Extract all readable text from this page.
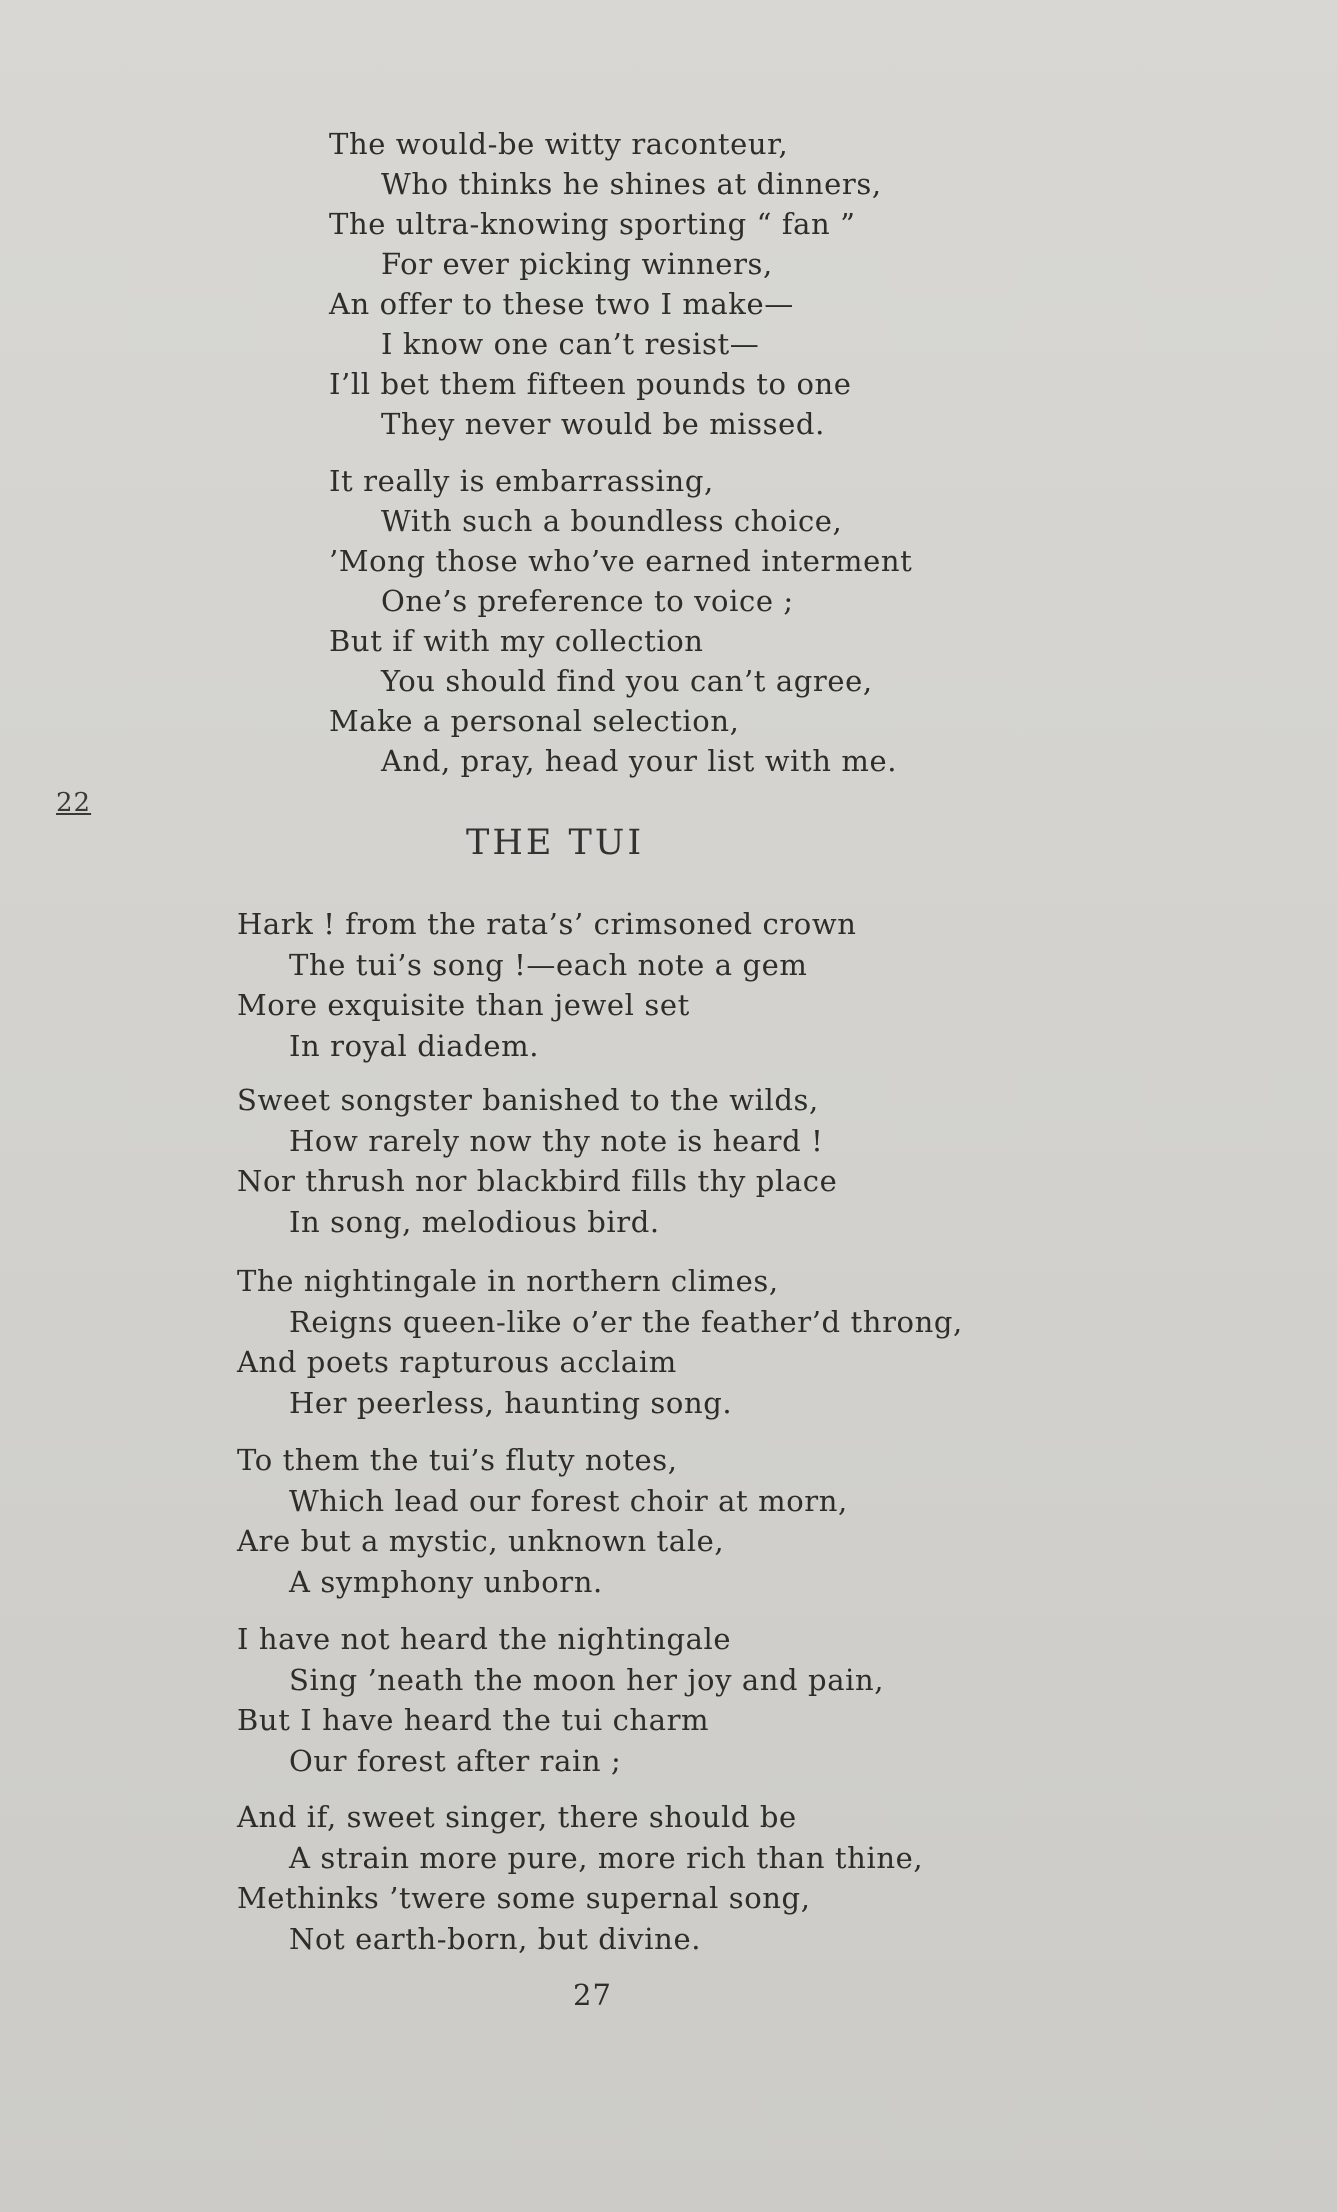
The would-be witty raconteur,
Who thinks he shines at dinners,
The ultra-knowing sporting “ fan ”
For ever picking winners,
An offer to these two I make—
I know one can’t resist—
I’ll bet them fifteen pounds to one
They never would be missed.
It really is embarrassing,
With such a boundless choice,
’Mong those who’ve earned interment
One’s preference to voice ;
But if with my collection
You should find you can’t agree,
Make a personal selection,
And, pray, head your list with me.
22
THE TUI
Hark ! from the rata’s’ crimsoned crown
The tui’s song !—each note a gem
More exquisite than jewel set
In royal diadem.
Sweet songster banished to the wilds,
How rarely now thy note is heard !
Nor thrush nor blackbird fills thy place
In song, melodious bird.
The nightingale in northern climes,
Reigns queen-like o’er the feather’d throng,
And poets rapturous acclaim
Her peerless, haunting song.
To them the tui’s fluty notes,
Which lead our forest choir at morn,
Are but a mystic, unknown tale,
A symphony unborn.
I have not heard the nightingale
Sing ’neath the moon her joy and pain,
But I have heard the tui charm
Our forest after rain ;
And if, sweet singer, there should be
A strain more pure, more rich than thine,
Methinks ’twere some supernal song,
Not earth-born, but divine.
27
